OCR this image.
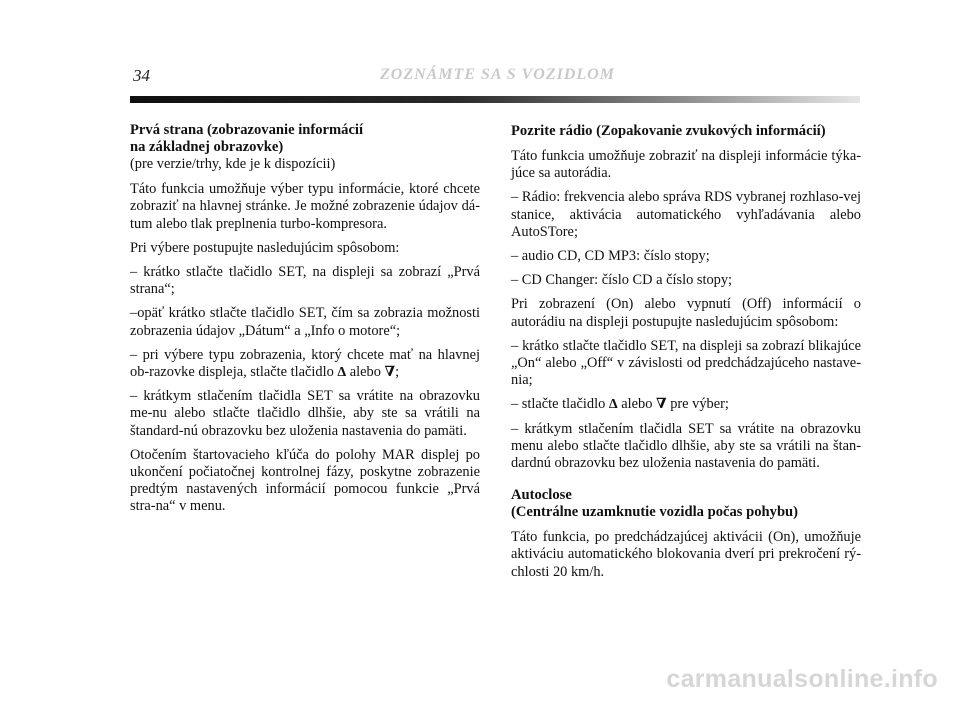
34	ZOZNÁMTE SA S VOZIDLOM
Prvá strana (zobrazovanie informácií
na základnej obrazovke)
(pre verzie/trhy, kde je k dispozícii)

Táto funkcia umožňuje výber typu informácie, ktoré chcete zobraziť na hlavnej stránke. Je možné zobrazenie údajov dá-tum alebo tlak preplnenia turbo-kompresora.

Pri výbere postupujte nasledujúcim spôsobom:

– krátko stlačte tlačidlo SET, na displeji sa zobrazí „Prvá strana“;

–opäť krátko stlačte tlačidlo SET, čím sa zobrazia možnosti zobrazenia údajov „Dátum“ a „Info o motore“;

– pri výbere typu zobrazenia, ktorý chcete mať na hlavnej ob-razovke displeja, stlačte tlačidlo Δ alebo ∇;

– krátkym stlačením tlačidla SET sa vrátite na obrazovku me-nu alebo stlačte tlačidlo dlhšie, aby ste sa vrátili na štandard-nú obrazovku bez uloženia nastavenia do pamäti.

Otočením štartovacieho kľúča do polohy MAR displej po ukončení počiatočnej kontrolnej fázy, poskytne zobrazenie predtým nastavených informácií pomocou funkcie „Prvá stra-na“ v menu.

Pozrite rádio (Zopakovanie zvukových informácií)

Táto funkcia umožňuje zobraziť na displeji informácie týka-júce sa autorádia.

– Rádio: frekvencia alebo správa RDS vybranej rozhlaso-vej stanice, aktivácia automatického vyhľadávania alebo AutoSTore;

– audio CD, CD MP3: číslo stopy;

– CD Changer: číslo CD a číslo stopy;

Pri zobrazení (On) alebo vypnutí (Off) informácií o autorádiu na displeji postupujte nasledujúcim spôsobom:

– krátko stlačte tlačidlo SET, na displeji sa zobrazí blikajúce „On“ alebo „Off“ v závislosti od predchádzajúceho nastave-nia;

– stlačte tlačidlo Δ alebo ∇ pre výber;

– krátkym stlačením tlačidla SET sa vrátite na obrazovku menu alebo stlačte tlačidlo dlhšie, aby ste sa vrátili na štan-dardnú obrazovku bez uloženia nastavenia do pamäti.

Autoclose
(Centrálne uzamknutie vozidla počas pohybu)

Táto funkcia, po predchádzajúcej aktivácii (On), umožňuje aktiváciu automatického blokovania dverí pri prekročení rý-chlosti 20 km/h.

carmanualsonline.info
